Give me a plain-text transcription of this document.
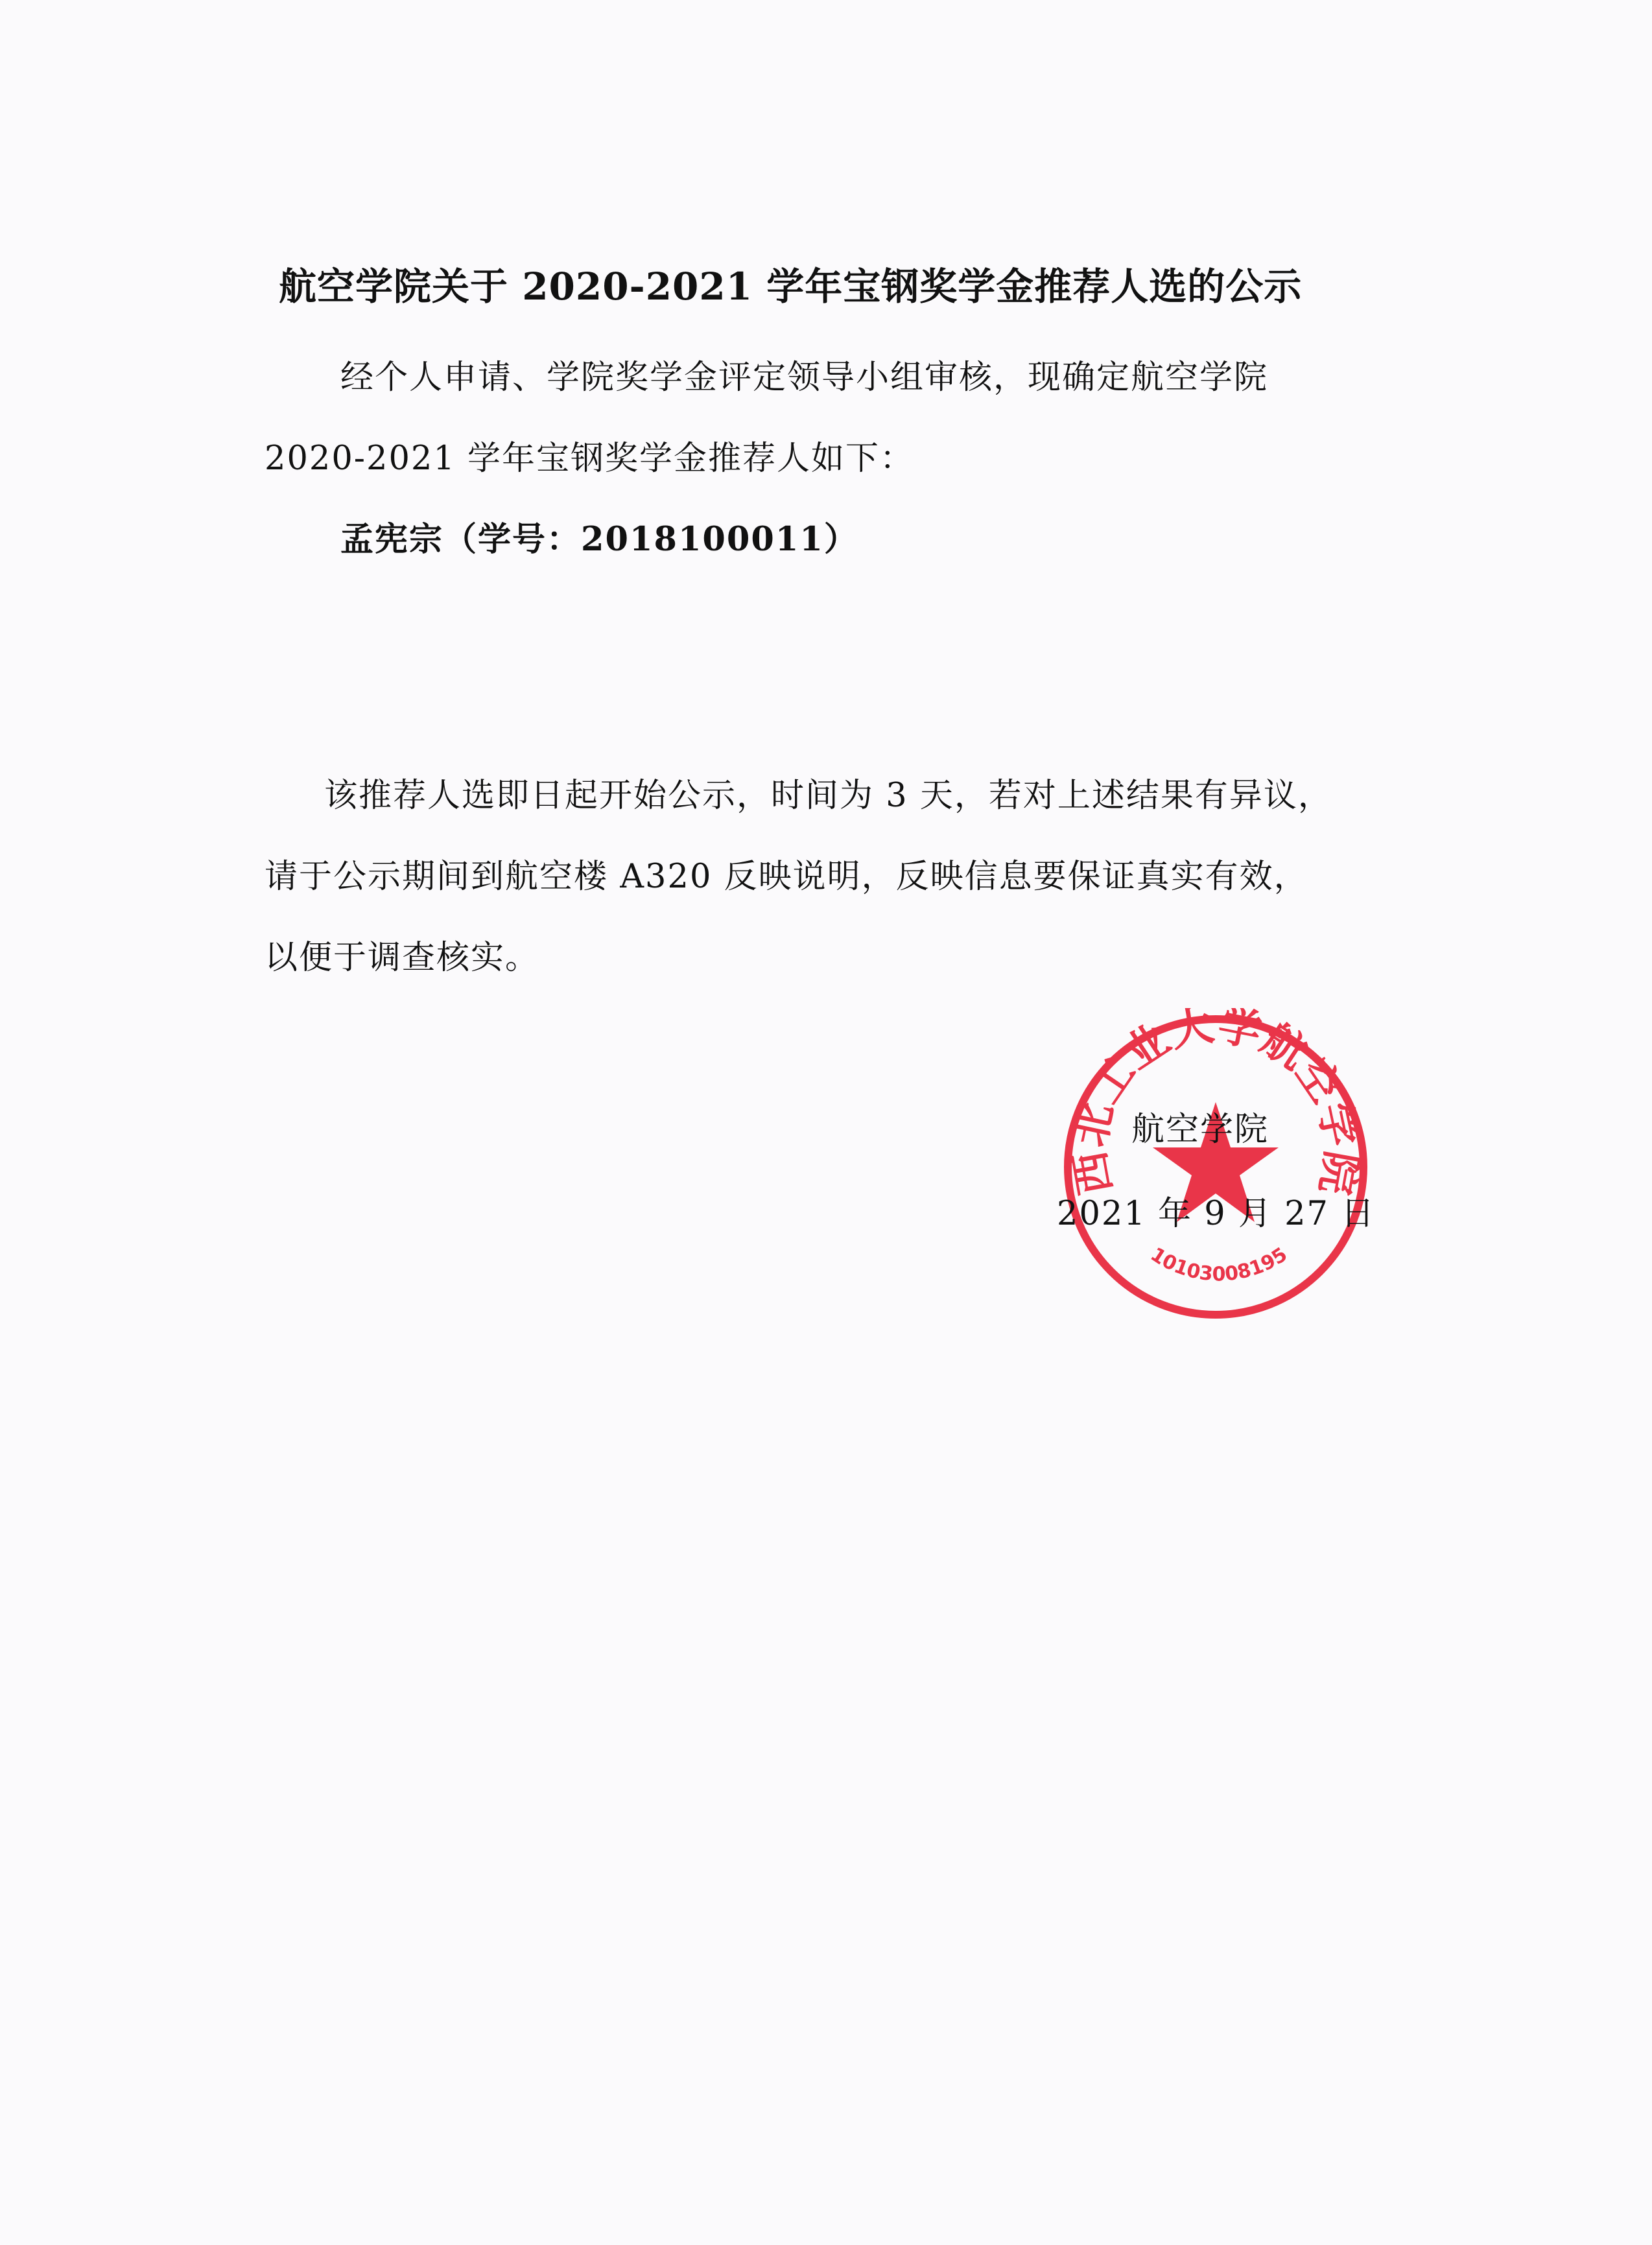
航空学院关于 2020-2021 学年宝钢奖学金推荐人选的公示
经个人申请、学院奖学金评定领导小组审核，现确定航空学院
2020-2021 学年宝钢奖学金推荐人如下：
孟宪宗（学号：2018100011）
该推荐人选即日起开始公示，时间为 3 天，若对上述结果有异议，
请于公示期间到航空楼 A320 反映说明，反映信息要保证真实有效，
以便于调查核实。
西北工业大学航空学院
10103008195
航空学院
2021 年 9 月 27 日
